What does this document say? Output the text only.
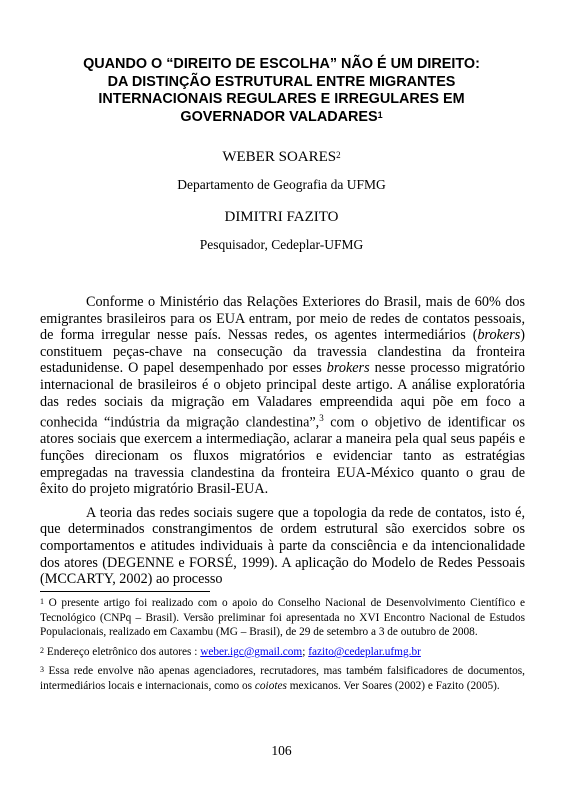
QUANDO O “DIREITO DE ESCOLHA” NÃO É UM DIREITO:
DA DISTINÇÃO ESTRUTURAL ENTRE MIGRANTES
INTERNACIONAIS REGULARES E IRREGULARES EM
GOVERNADOR VALADARES$^1$
WEBER SOARES$^2$
Departamento de Geografia da UFMG
DIMITRI FAZITO
Pesquisador, Cedeplar-UFMG

Conforme o Ministério das Relações Exteriores do Brasil, mais de 60% dos emigrantes brasileiros para os EUA entram, por meio de redes de contatos pessoais, de forma irregular nesse país. Nessas redes, os agentes intermediários (brokers) constituem peças-chave na consecução da travessia clandestina da fronteira estadunidense. O papel desempenhado por esses brokers nesse processo migratório internacional de brasileiros é o objeto principal deste artigo. A análise exploratória das redes sociais da migração em Valadares empreendida aqui põe em foco a conhecida “indústria da migração clandestina”,$^3$ com o objetivo de identificar os atores sociais que exercem a intermediação, aclarar a maneira pela qual seus papéis e funções direcionam os fluxos migratórios e evidenciar tanto as estratégias empregadas na travessia clandestina da fronteira EUA-México quanto o grau de êxito do projeto migratório Brasil-EUA.

A teoria das redes sociais sugere que a topologia da rede de contatos, isto é, que determinados constrangimentos de ordem estrutural são exercidos sobre os comportamentos e atitudes individuais à parte da consciência e da intencionalidade dos atores (DEGENNE e FORSÉ, 1999). A aplicação do Modelo de Redes Pessoais (MCCARTY, 2002) ao processo

$^1$ O presente artigo foi realizado com o apoio do Conselho Nacional de Desenvolvimento Científico e Tecnológico (CNPq – Brasil). Versão preliminar foi apresentada no XVI Encontro Nacional de Estudos Populacionais, realizado em Caxambu (MG – Brasil), de 29 de setembro a 3 de outubro de 2008.
$^2$ Endereço eletrônico dos autores : weber.igc@gmail.com; fazito@cedeplar.ufmg.br
$^3$ Essa rede envolve não apenas agenciadores, recrutadores, mas também falsificadores de documentos, intermediários locais e internacionais, como os coiotes mexicanos. Ver Soares (2002) e Fazito (2005).
106
